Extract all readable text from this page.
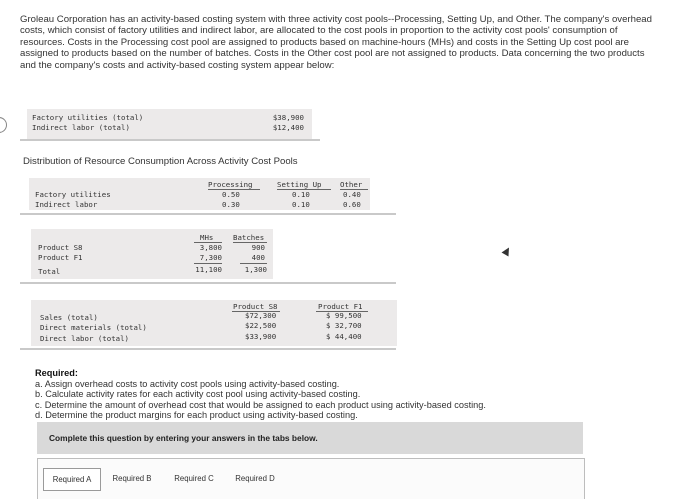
Groleau Corporation has an activity-based costing system with three activity cost pools--Processing, Setting Up, and Other. The company's overhead costs, which consist of factory utilities and indirect labor, are allocated to the cost pools in proportion to the activity cost pools' consumption of resources. Costs in the Processing cost pool are assigned to products based on machine-hours (MHs) and costs in the Setting Up cost pool are assigned to products based on the number of batches. Costs in the Other cost pool are not assigned to products. Data concerning the two products and the company's costs and activity-based costing system appear below:
Factory utilities (total)	$38,900
Indirect labor (total)	$12,400
Distribution of Resource Consumption Across Activity Cost Pools
Processing	Setting Up	Other
Factory utilities	0.50	0.10	0.40
Indirect labor	0.30	0.10	0.60
MHs	Batches
Product S8	3,800	900
Product F1	7,300	400
Total	11,100	1,300
Product S8	Product F1
Sales (total)	$72,300	$ 99,500
Direct materials (total)	$22,500	$ 32,700
Direct labor (total)	$33,900	$ 44,400
Required:
a. Assign overhead costs to activity cost pools using activity-based costing.
b. Calculate activity rates for each activity cost pool using activity-based costing.
c. Determine the amount of overhead cost that would be assigned to each product using activity-based costing.
d. Determine the product margins for each product using activity-based costing.
Complete this question by entering your answers in the tabs below.
Required A	Required B	Required C	Required D
